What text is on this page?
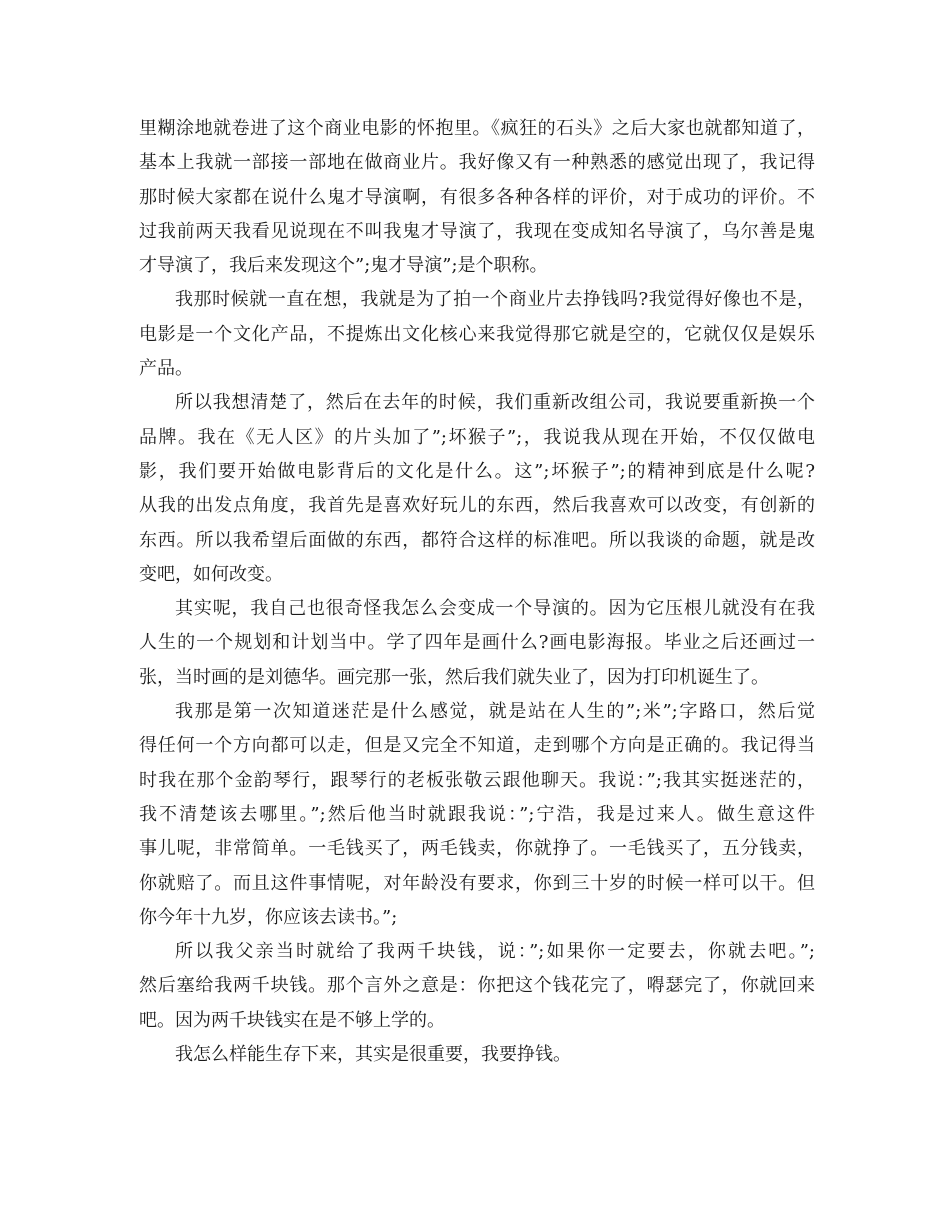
里糊涂地就卷进了这个商业电影的怀抱里。《疯狂的石头》之后大家也就都知道了，
基本上我就一部接一部地在做商业片。我好像又有一种熟悉的感觉出现了，我记得
那时候大家都在说什么鬼才导演啊，有很多各种各样的评价，对于成功的评价。不
过我前两天我看见说现在不叫我鬼才导演了，我现在变成知名导演了，乌尔善是鬼
才导演了，我后来发现这个”;鬼才导演”;是个职称。
我那时候就一直在想，我就是为了拍一个商业片去挣钱吗?我觉得好像也不是，
电影是一个文化产品，不提炼出文化核心来我觉得那它就是空的，它就仅仅是娱乐
产品。
所以我想清楚了，然后在去年的时候，我们重新改组公司，我说要重新换一个
品牌。我在《无人区》的片头加了”;坏猴子”;，我说我从现在开始，不仅仅做电
影，我们要开始做电影背后的文化是什么。这”;坏猴子”;的精神到底是什么呢?
从我的出发点角度，我首先是喜欢好玩儿的东西，然后我喜欢可以改变，有创新的
东西。所以我希望后面做的东西，都符合这样的标准吧。所以我谈的命题，就是改
变吧，如何改变。
其实呢，我自己也很奇怪我怎么会变成一个导演的。因为它压根儿就没有在我
人生的一个规划和计划当中。学了四年是画什么?画电影海报。毕业之后还画过一
张，当时画的是刘德华。画完那一张，然后我们就失业了，因为打印机诞生了。
我那是第一次知道迷茫是什么感觉，就是站在人生的”;米”;字路口，然后觉
得任何一个方向都可以走，但是又完全不知道，走到哪个方向是正确的。我记得当
时我在那个金韵琴行，跟琴行的老板张敬云跟他聊天。我说：”;我其实挺迷茫的，
我不清楚该去哪里。”;然后他当时就跟我说：”;宁浩，我是过来人。做生意这件
事儿呢，非常简单。一毛钱买了，两毛钱卖，你就挣了。一毛钱买了，五分钱卖，
你就赔了。而且这件事情呢，对年龄没有要求，你到三十岁的时候一样可以干。但
你今年十九岁，你应该去读书。”;
所以我父亲当时就给了我两千块钱，说：”;如果你一定要去，你就去吧。”;
然后塞给我两千块钱。那个言外之意是：你把这个钱花完了，嘚瑟完了，你就回来
吧。因为两千块钱实在是不够上学的。
我怎么样能生存下来，其实是很重要，我要挣钱。
